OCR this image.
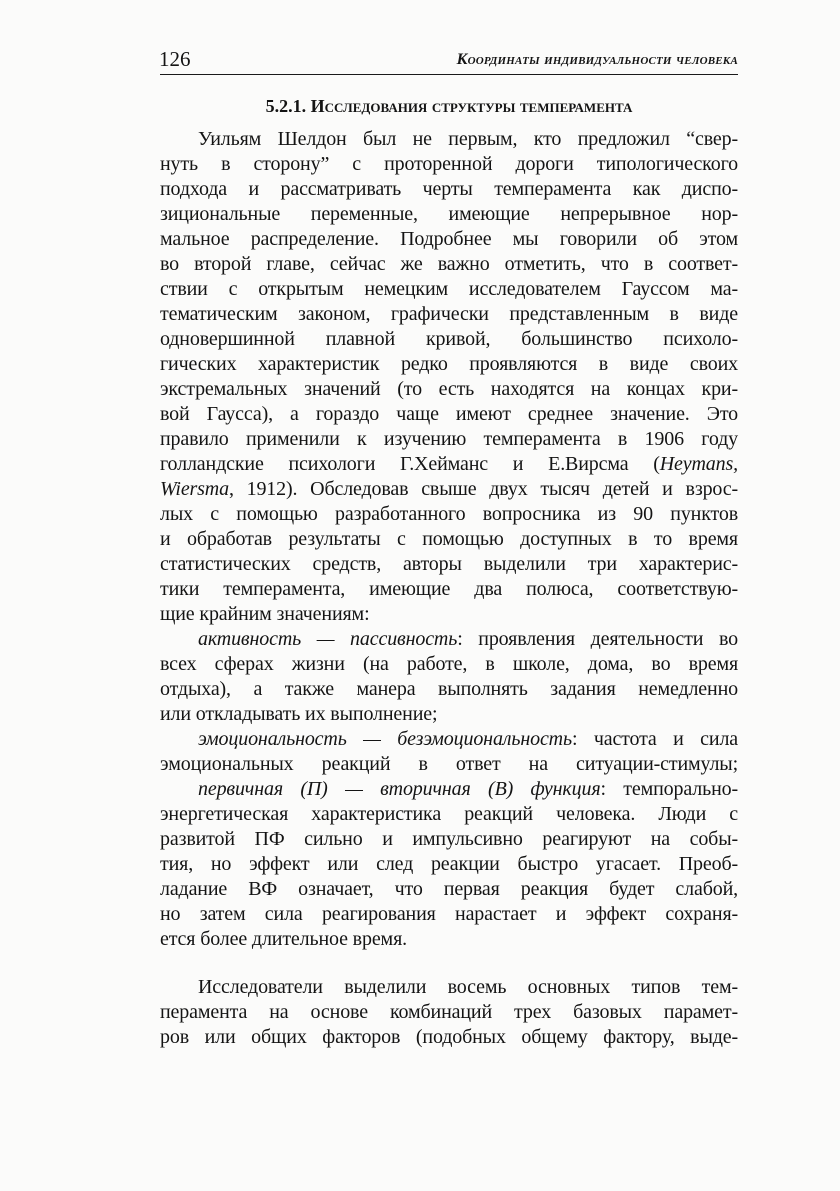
126	Координаты индивидуальности человека
5.2.1. Исследования структуры темперамента
Уильям Шелдон был не первым, кто предложил “свер-
нуть в сторону” с проторенной дороги типологического
подхода и рассматривать черты темперамента как диспо-
зициональные переменные, имеющие непрерывное нор-
мальное распределение. Подробнее мы говорили об этом
во второй главе, сейчас же важно отметить, что в соответ-
ствии с открытым немецким исследователем Гауссом ма-
тематическим законом, графически представленным в виде
одновершинной плавной кривой, большинство психоло-
гических характеристик редко проявляются в виде своих
экстремальных значений (то есть находятся на концах кри-
вой Гаусса), а гораздо чаще имеют среднее значение. Это
правило применили к изучению темперамента в 1906 году
голландские психологи Г.Хейманс и Е.Вирсма (Heymans,
Wiersma, 1912). Обследовав свыше двух тысяч детей и взрос-
лых с помощью разработанного вопросника из 90 пунктов
и обработав результаты с помощью доступных в то время
статистических средств, авторы выделили три характерис-
тики темперамента, имеющие два полюса, соответствую-
щие крайним значениям:
активность — пассивность: проявления деятельности во
всех сферах жизни (на работе, в школе, дома, во время
отдыха), а также манера выполнять задания немедленно
или откладывать их выполнение;
эмоциональность — безэмоциональность: частота и сила
эмоциональных реакций в ответ на ситуации-стимулы;
первичная (П) — вторичная (В) функция: темпорально-
энергетическая характеристика реакций человека. Люди с
развитой ПФ сильно и импульсивно реагируют на собы-
тия, но эффект или след реакции быстро угасает. Преоб-
ладание ВФ означает, что первая реакция будет слабой,
но затем сила реагирования нарастает и эффект сохраня-
ется более длительное время.
Исследователи выделили восемь основных типов тем-
перамента на основе комбинаций трех базовых парамет-
ров или общих факторов (подобных общему фактору, выде-
